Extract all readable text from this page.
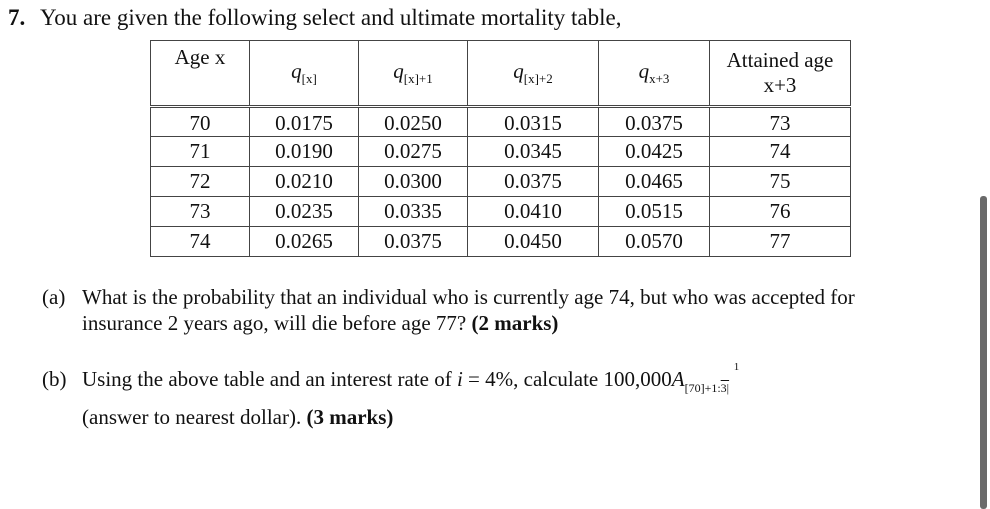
7. You are given the following select and ultimate mortality table,
Age x	$q_{[x]}$	$q_{[x]+1}$	$q_{[x]+2}$	$q_{x+3}$	Attained age
x+3
70	0.0175	0.0250	0.0315	0.0375	73
71	0.0190	0.0275	0.0345	0.0425	74
72	0.0210	0.0300	0.0375	0.0465	75
73	0.0235	0.0335	0.0410	0.0515	76
74	0.0265	0.0375	0.0450	0.0570	77
(a) What is the probability that an individual who is currently age 74, but who was accepted for
insurance 2 years ago, will die before age 77? (2 marks)
(b) Using the above table and an interest rate of i = 4%, calculate 100,000A	1
$_{[70]+1:3|}$
(answer to nearest dollar). (3 marks)
